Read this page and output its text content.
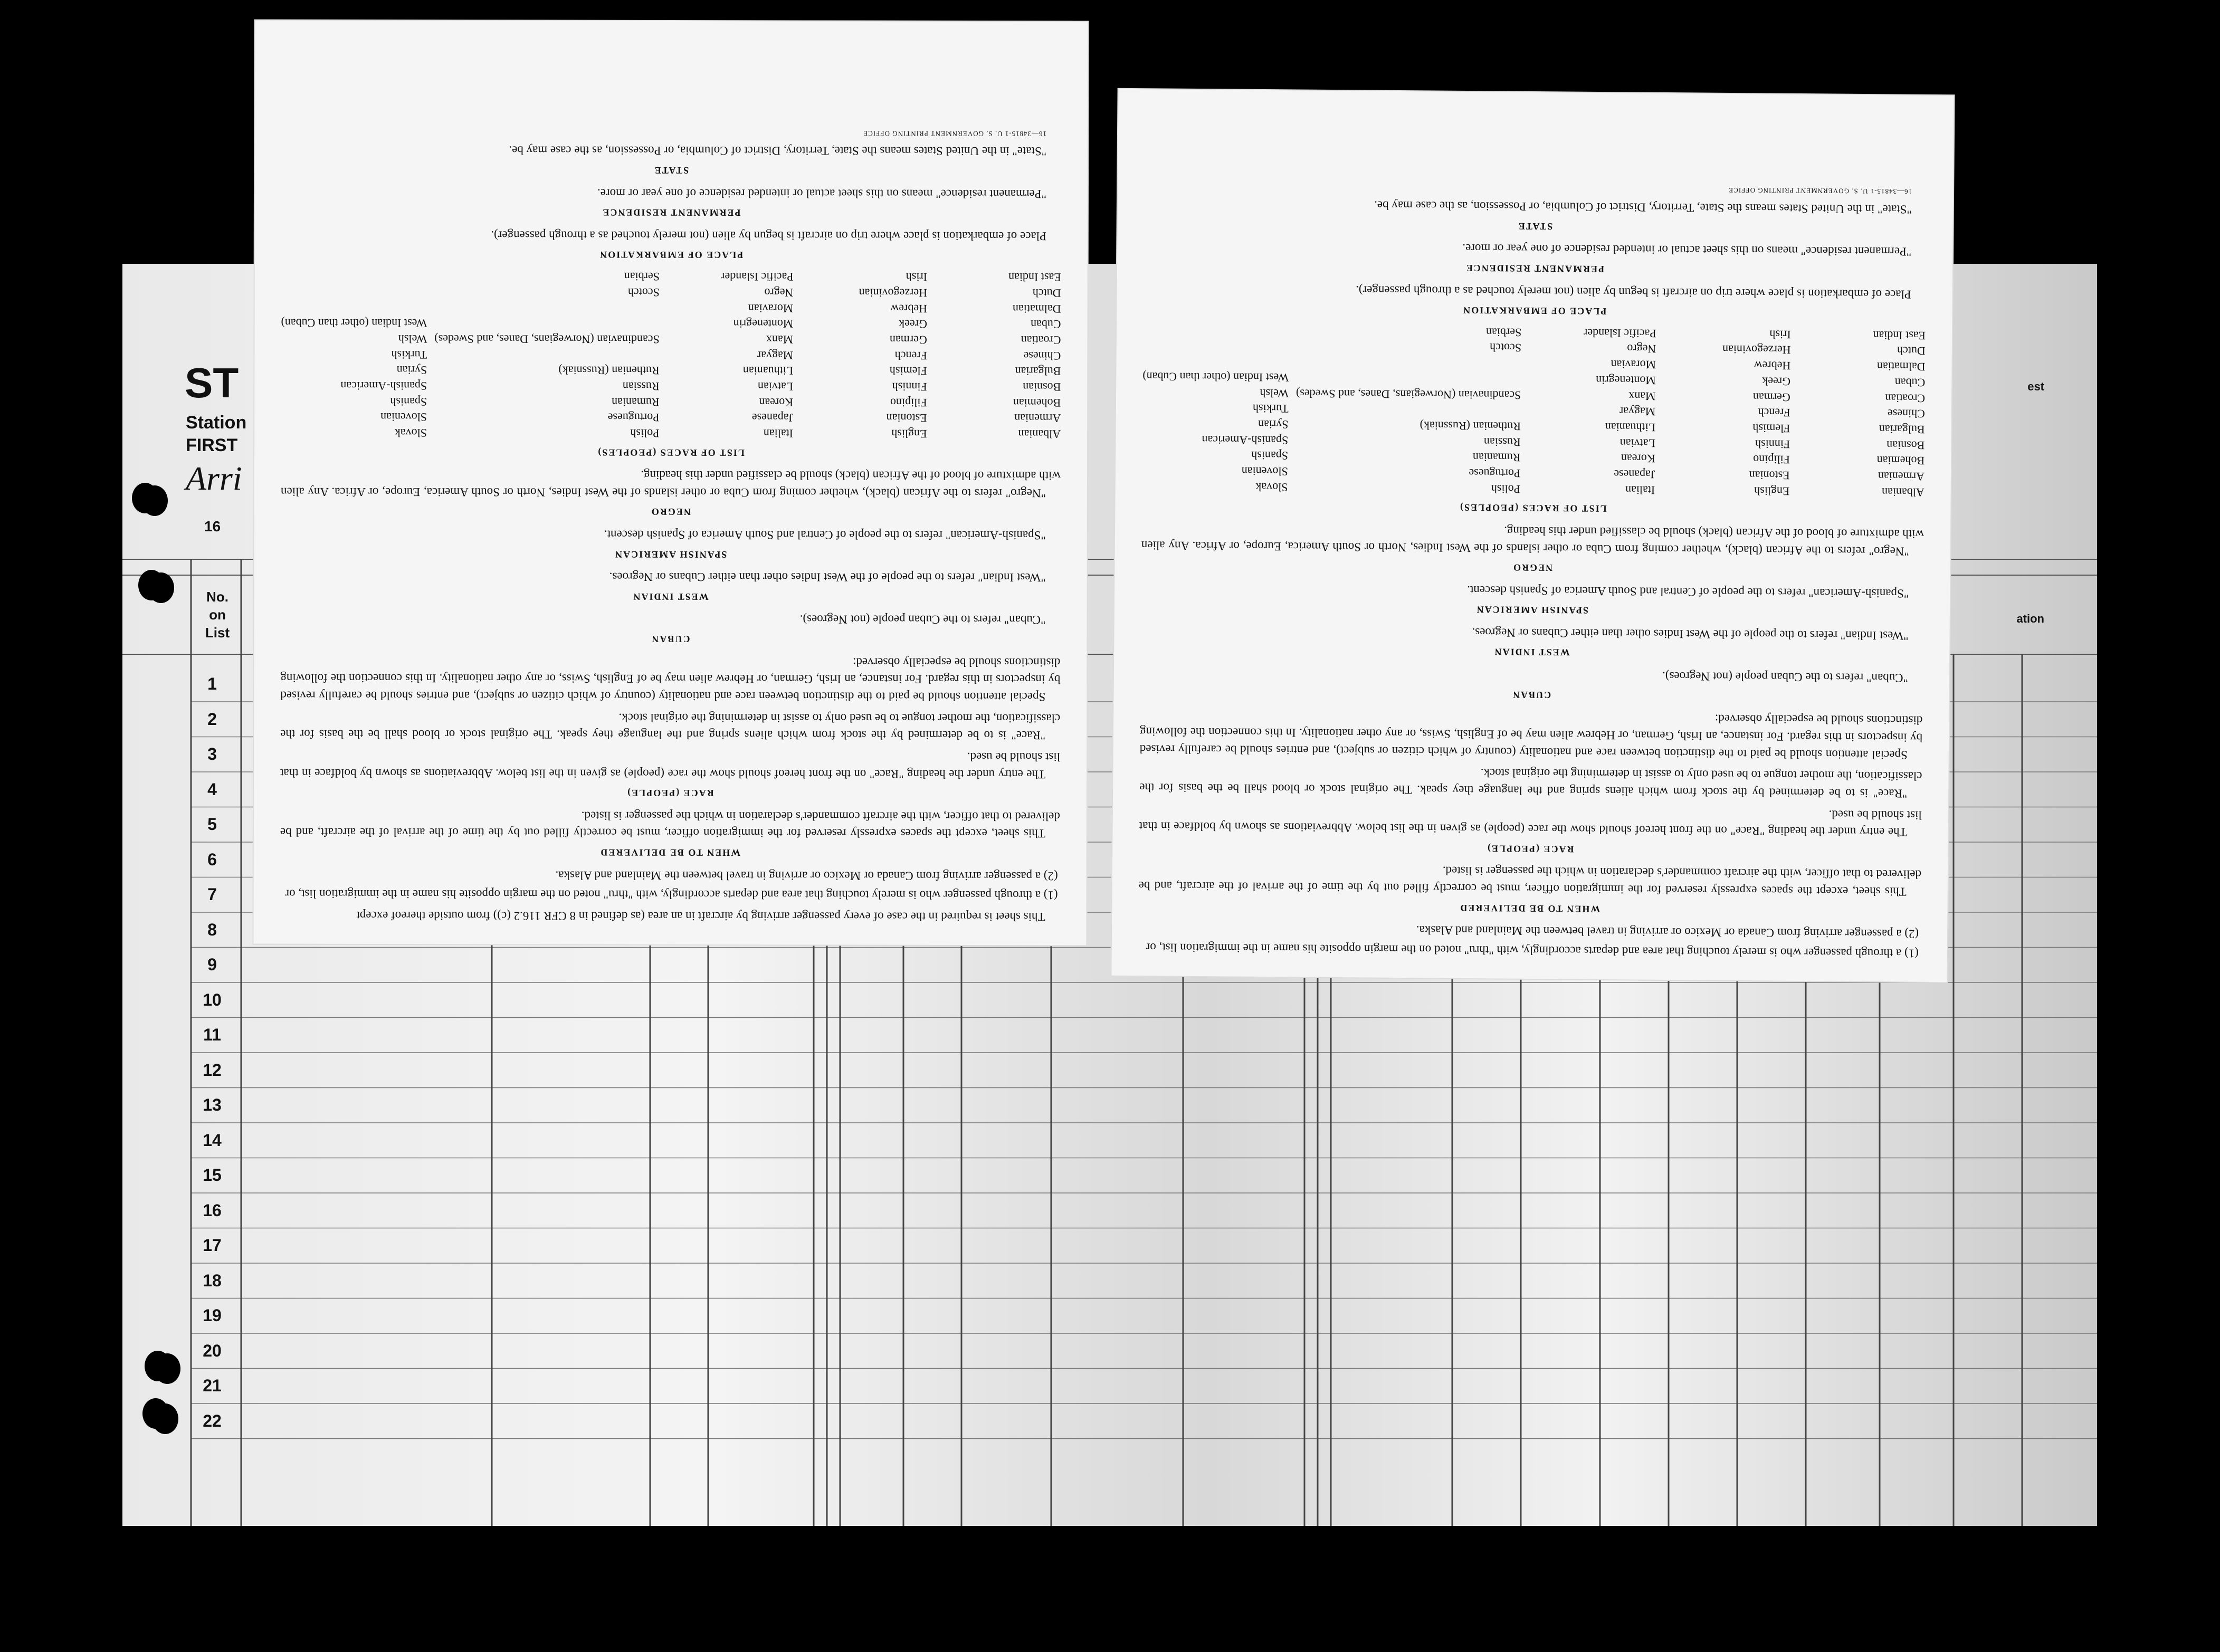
ST
Station
FIRST
Arri
16
No.
on
List
est
ation
1
2
3
4
5
6
7
8
9
10
11
12
13
14
15
16
17
18
19
20
21
22

This sheet is required in the case of every passenger arriving by aircraft in an area (as defined in 8 CFR 116.2 (c)) from outside thereof except

(1) a through passenger who is merely touching that area and departs accordingly, with "thru" noted on the margin opposite his name in the immigration list, or

(2) a passenger arriving from Canada or Mexico or arriving in travel between the Mainland and Alaska.

WHEN TO BE DELIVERED

This sheet, except the spaces expressly reserved for the immigration officer, must be correctly filled out by the time of the arrival of the aircraft, and be delivered to that officer, with the aircraft commander's declaration in which the passenger is listed.

RACE (PEOPLE)

The entry under the heading "Race" on the front hereof should show the race (people) as given in the list below. Abbreviations as shown by boldface in that list should be used.

"Race" is to be determined by the stock from which aliens spring and the language they speak. The original stock or blood shall be the basis for the classification, the mother tongue to be used only to assist in determining the original stock.

Special attention should be paid to the distinction between race and nationality (country of which citizen or subject), and entries should be carefully revised by inspectors in this regard. For instance, an Irish, German, or Hebrew alien may be of English, Swiss, or any other nationality. In this connection the following distinctions should be especially observed:

CUBAN

"Cuban" refers to the Cuban people (not Negroes).

WEST INDIAN

"West Indian" refers to the people of the West Indies other than either Cubans or Negroes.

SPANISH AMERICAN

"Spanish-American" refers to the people of Central and South America of Spanish descent.

NEGRO

"Negro" refers to the African (black), whether coming from Cuba or other islands of the West Indies, North or South America, Europe, or Africa. Any alien with admixture of blood of the African (black) should be classified under this heading.

LIST OF RACES (PEOPLES)

Albanian
English
Italian
Polish
Slovak
Armenian
Estonian
Japanese
Portuguese
Slovenian
Bohemian
Filipino
Korean
Rumanian
Spanish
Bosnian
Finnish
Latvian
Russian
Spanish-American
Bulgarian
Flemish
Lithuanian
Ruthenian (Russniak)
Syrian
Chinese
French
Magyar
Turkish
Croatian
German
Manx
Scandinavian (Norwegians, Danes, and Swedes)
Welsh
Cuban
Greek
Montenegrin
West Indian (other than Cuban)
Dalmatian
Hebrew
Moravian
Dutch
Herzegovinian
Negro
Scotch
East Indian
Irish
Pacific Islander
Serbian

PLACE OF EMBARKATION

Place of embarkation is place where trip on aircraft is begun by alien (not merely touched as a through passenger).

PERMANENT RESIDENCE

"Permanent residence" means on this sheet actual or intended residence of one year or more.

STATE

"State" in the United States means the State, Territory, District of Columbia, or Possession, as the case may be.

16—34815-1 U. S. GOVERNMENT PRINTING OFFICE

(1) a through passenger who is merely touching that area and departs accordingly, with "thru" noted on the margin opposite his name in the immigration list, or

(2) a passenger arriving from Canada or Mexico or arriving in travel between the Mainland and Alaska.

WHEN TO BE DELIVERED

This sheet, except the spaces expressly reserved for the immigration officer, must be correctly filled out by the time of the arrival of the aircraft, and be delivered to that officer, with the aircraft commander's declaration in which the passenger is listed.

RACE (PEOPLE)

The entry under the heading "Race" on the front hereof should show the race (people) as given in the list below. Abbreviations as shown by boldface in that list should be used.

"Race" is to be determined by the stock from which aliens spring and the language they speak. The original stock or blood shall be the basis for the classification, the mother tongue to be used only to assist in determining the original stock.

Special attention should be paid to the distinction between race and nationality (country of which citizen or subject), and entries should be carefully revised by inspectors in this regard. For instance, an Irish, German, or Hebrew alien may be of English, Swiss, or any other nationality. In this connection the following distinctions should be especially observed:

CUBAN

"Cuban" refers to the Cuban people (not Negroes).

WEST INDIAN

"West Indian" refers to the people of the West Indies other than either Cubans or Negroes.

SPANISH AMERICAN

"Spanish-American" refers to the people of Central and South America of Spanish descent.

NEGRO

"Negro" refers to the African (black), whether coming from Cuba or other islands of the West Indies, North or South America, Europe, or Africa. Any alien with admixture of blood of the African (black) should be classified under this heading.

LIST OF RACES (PEOPLES)

Albanian
English
Italian
Polish
Slovak
Armenian
Estonian
Japanese
Portuguese
Slovenian
Bohemian
Filipino
Korean
Rumanian
Spanish
Bosnian
Finnish
Latvian
Russian
Spanish-American
Bulgarian
Flemish
Lithuanian
Ruthenian (Russniak)
Syrian
Chinese
French
Magyar
Turkish
Croatian
German
Manx
Scandinavian (Norwegians, Danes, and Swedes)
Welsh
Cuban
Greek
Montenegrin
West Indian (other than Cuban)
Dalmatian
Hebrew
Moravian
Dutch
Herzegovinian
Negro
Scotch
East Indian
Irish
Pacific Islander
Serbian

PLACE OF EMBARKATION

Place of embarkation is place where trip on aircraft is begun by alien (not merely touched as a through passenger).

PERMANENT RESIDENCE

"Permanent residence" means on this sheet actual or intended residence of one year or more.

STATE

"State" in the United States means the State, Territory, District of Columbia, or Possession, as the case may be.

16—34815-1 U. S. GOVERNMENT PRINTING OFFICE
